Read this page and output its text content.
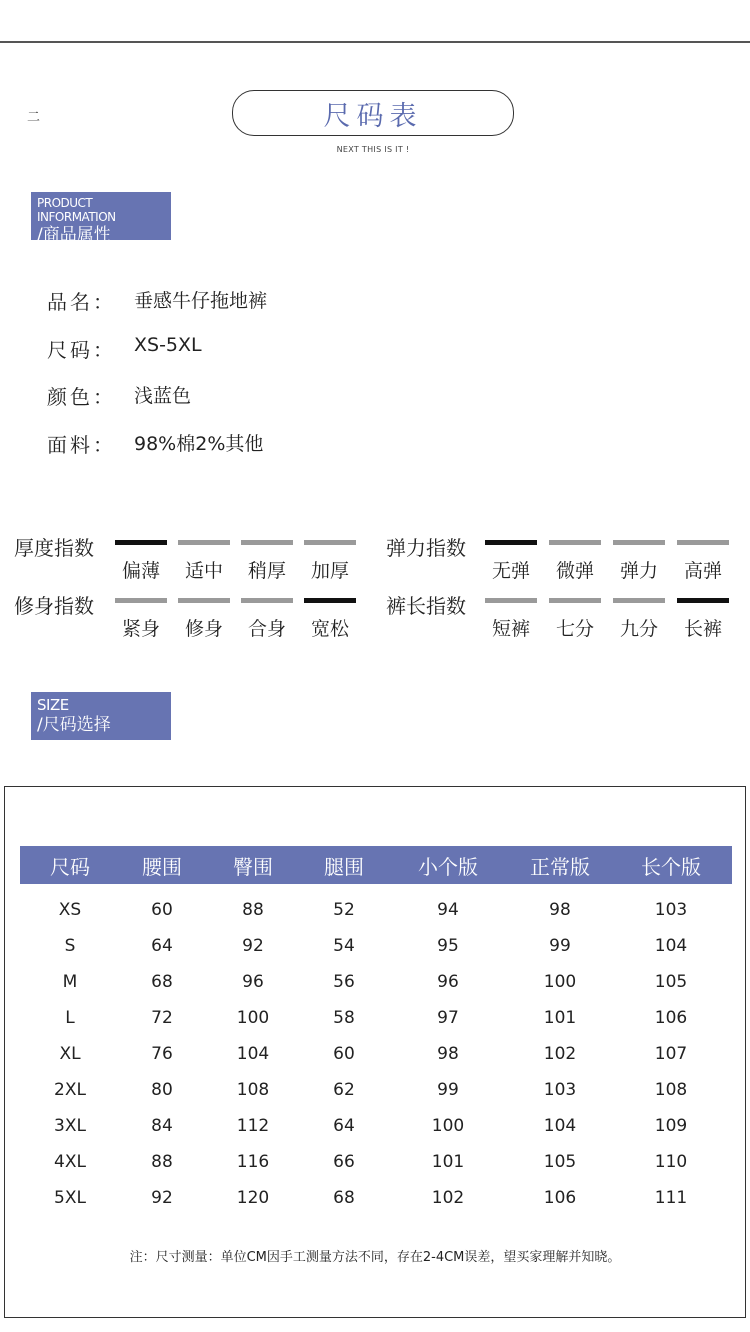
二	尺码表
NEXT THIS IS IT !
PRODUCT INFORMATION
/商品属性
品名： 垂感牛仔拖地裤
尺码： XS-5XL
颜色： 浅蓝色
面料： 98%棉2%其他
厚度指数	弹力指数
修身指数	裤长指数
偏薄	适中	稍厚	加厚	无弹	微弹	弹力	高弹
紧身	修身	合身	宽松	短裤	七分	九分	长裤
SIZE
/尺码选择
尺码	腰围	臀围	腿围	小个版	正常版	长个版
XS	60	88	52	94	98	103
S	64	92	54	95	99	104
M	68	96	56	96	100	105
L	72	100	58	97	101	106
XL	76	104	60	98	102	107
2XL	80	108	62	99	103	108
3XL	84	112	64	100	104	109
4XL	88	116	66	101	105	110
5XL	92	120	68	102	106	111
注：尺寸测量：单位CM因手工测量方法不同，存在2-4CM误差，望买家理解并知晓。
